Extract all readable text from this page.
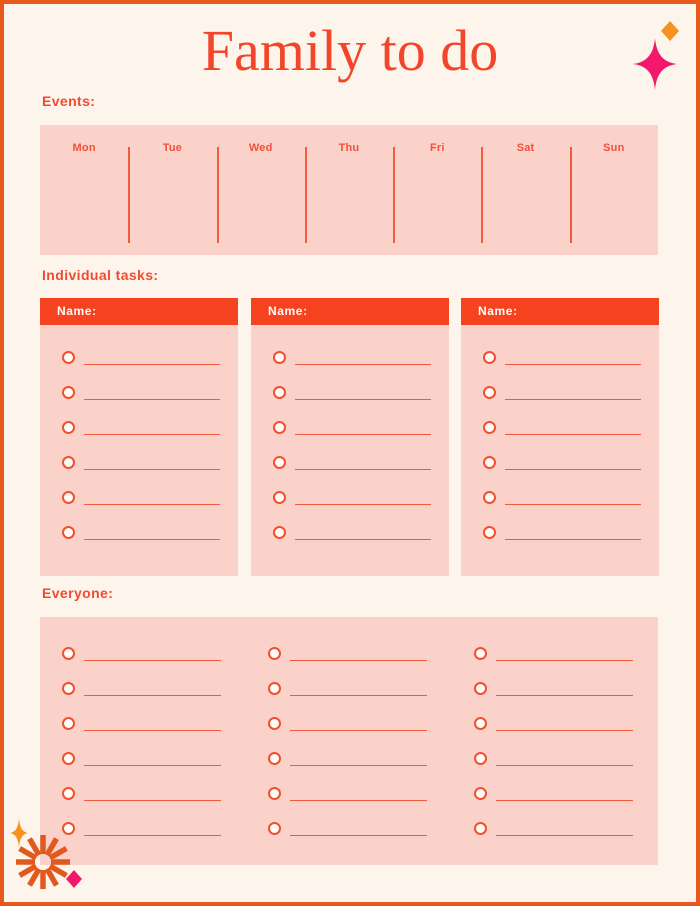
Family to do
Events:
Mon	Tue	Wed	Thu	Fri	Sat	Sun
Individual tasks:
Name:	Name:	Name:
Everyone:
